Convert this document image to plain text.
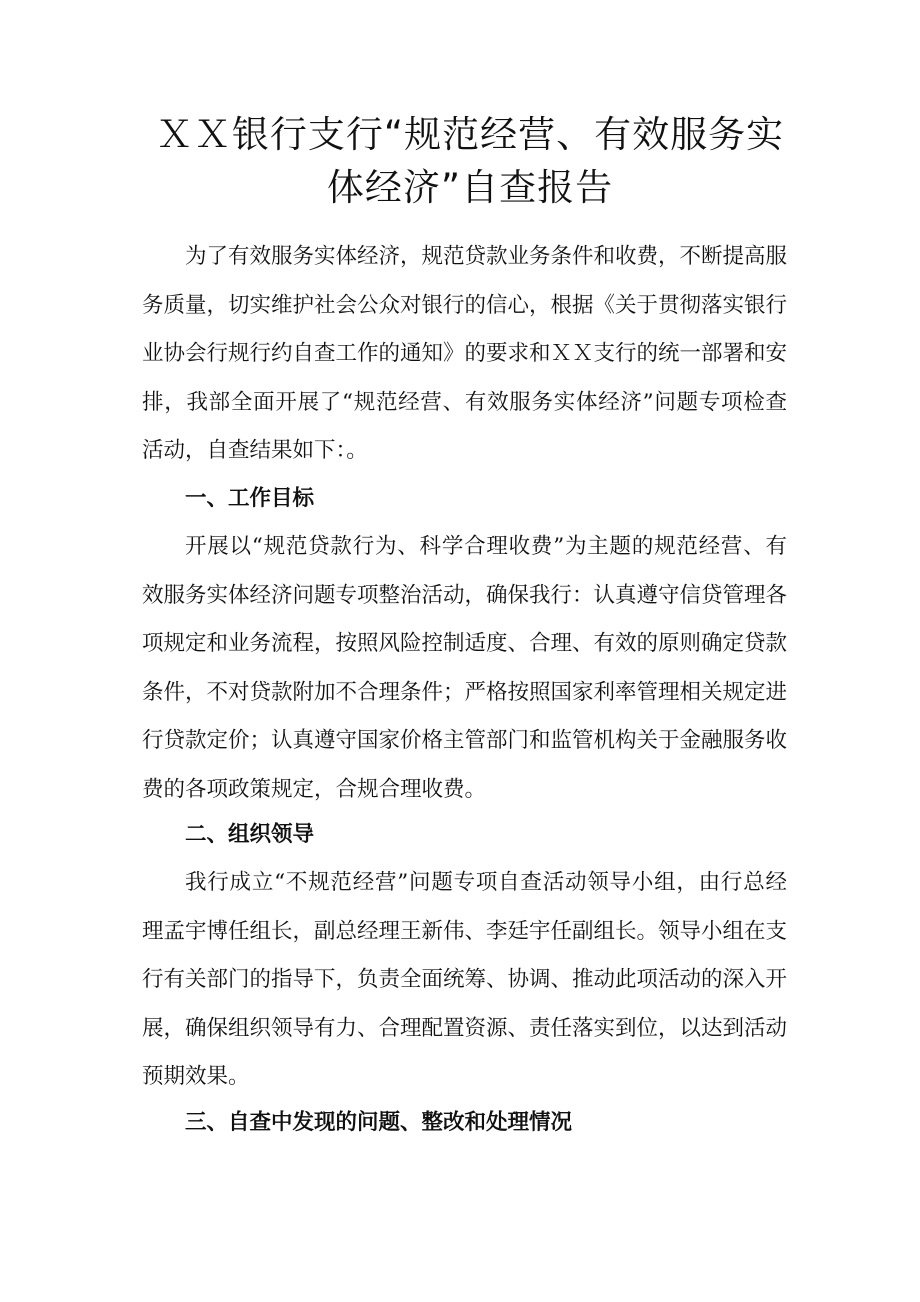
ＸＸ银行支行“规范经营、有效服务实体经济”自查报告

为了有效服务实体经济，规范贷款业务条件和收费，不断提高服务质量，切实维护社会公众对银行的信心，根据《关于贯彻落实银行业协会行规行约自查工作的通知》的要求和ＸＸ支行的统一部署和安排，我部全面开展了“规范经营、有效服务实体经济”问题专项检查活动，自查结果如下：。

一、工作目标

开展以“规范贷款行为、科学合理收费”为主题的规范经营、有效服务实体经济问题专项整治活动，确保我行：认真遵守信贷管理各项规定和业务流程，按照风险控制适度、合理、有效的原则确定贷款条件，不对贷款附加不合理条件；严格按照国家利率管理相关规定进行贷款定价；认真遵守国家价格主管部门和监管机构关于金融服务收费的各项政策规定，合规合理收费。

二、组织领导

我行成立“不规范经营”问题专项自查活动领导小组，由行总经理孟宇博任组长，副总经理王新伟、李廷宇任副组长。领导小组在支行有关部门的指导下，负责全面统筹、协调、推动此项活动的深入开展，确保组织领导有力、合理配置资源、责任落实到位，以达到活动预期效果。

三、自查中发现的问题、整改和处理情况
